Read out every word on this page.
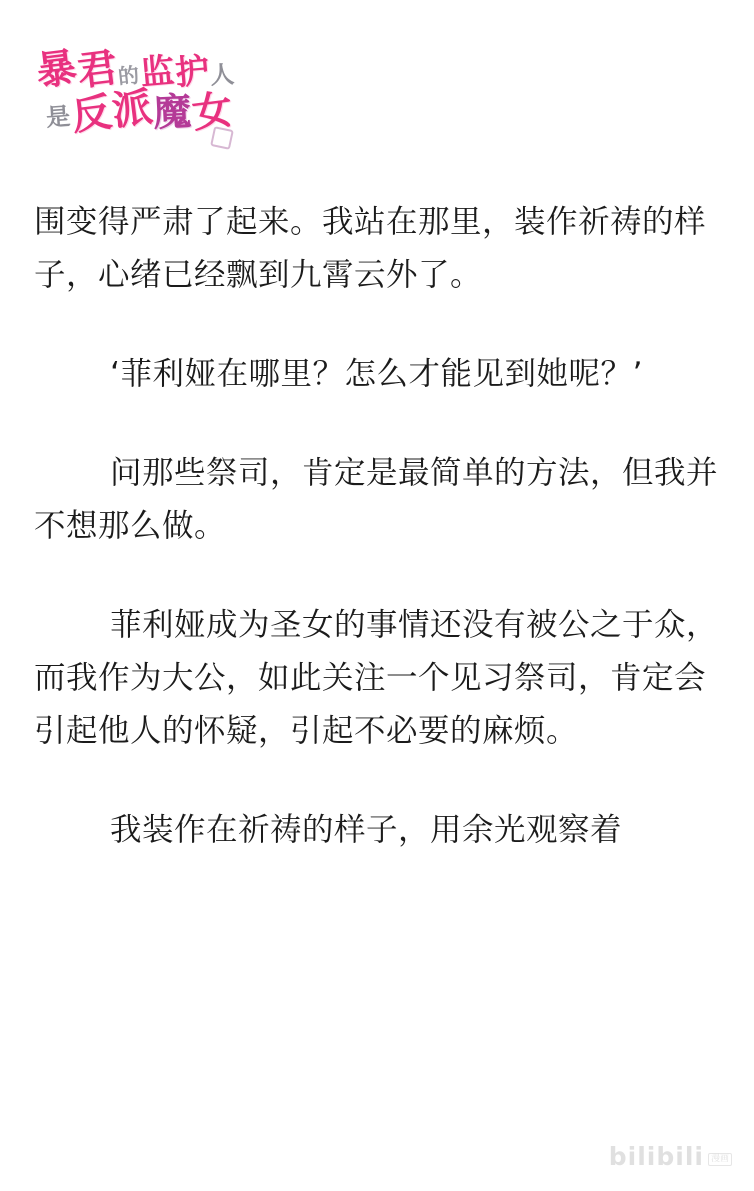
暴君的监护人
是反派魔女

围变得严肃了起来。我站在那里，装作祈祷的样子，心绪已经飘到九霄云外了。

‘菲利娅在哪里？怎么才能见到她呢？’

问那些祭司，肯定是最简单的方法，但我并不想那么做。

菲利娅成为圣女的事情还没有被公之于众，而我作为大公，如此关注一个见习祭司，肯定会引起他人的怀疑，引起不必要的麻烦。

我装作在祈祷的样子，用余光观察着

bilibili 漫画
